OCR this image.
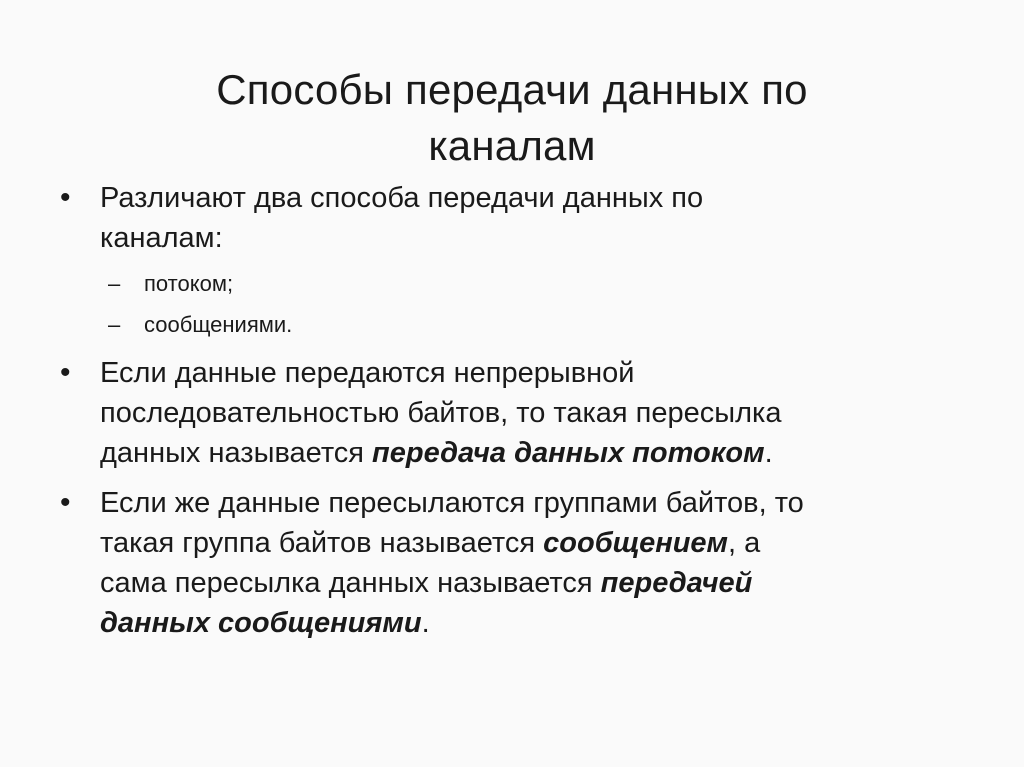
Способы передачи данных по
каналам
• Различают два способа передачи данных по
каналам:
– потоком;
– сообщениями.
• Если данные передаются непрерывной
последовательностью байтов, то такая пересылка
данных называется передача данных потоком.
• Если же данные пересылаются группами байтов, то
такая группа байтов называется сообщением, а
сама пересылка данных называется передачей
данных сообщениями.
